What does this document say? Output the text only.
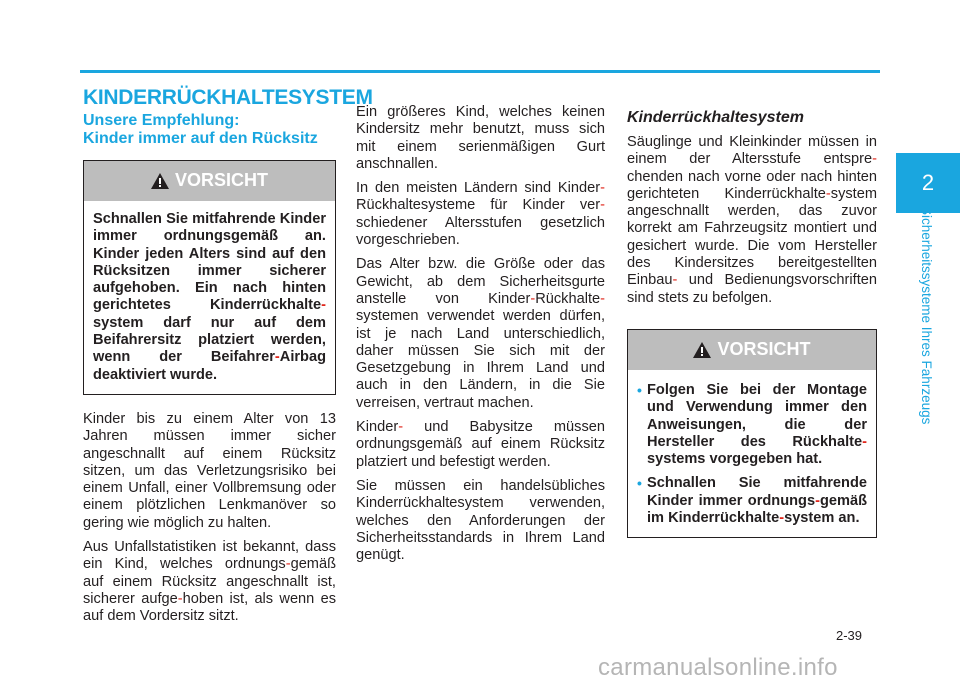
KINDERRÜCKHALTESYSTEM
Unsere Empfehlung:
Kinder immer auf den Rücksitz
VORSICHT
Schnallen Sie mitfahrende Kinder immer ordnungsgemäß an. Kinder jeden Alters sind auf den Rücksitzen immer sicherer aufgehoben. Ein nach hinten gerichtetes Kinderrückhalte-system darf nur auf dem Beifahrersitz platziert werden, wenn der Beifahrer-Airbag deaktiviert wurde.

Kinder bis zu einem Alter von 13 Jahren müssen immer sicher angeschnallt auf einem Rücksitz sitzen, um das Verletzungsrisiko bei einem Unfall, einer Vollbremsung oder einem plötzlichen Lenkmanöver so gering wie möglich zu halten.

Aus Unfallstatistiken ist bekannt, dass ein Kind, welches ordnungs-gemäß auf einem Rücksitz angeschnallt ist, sicherer aufge-hoben ist, als wenn es auf dem Vordersitz sitzt.

Ein größeres Kind, welches keinen Kindersitz mehr benutzt, muss sich mit einem serienmäßigen Gurt anschnallen.

In den meisten Ländern sind Kinder-Rückhaltesysteme für Kinder ver-schiedener Altersstufen gesetzlich vorgeschrieben.

Das Alter bzw. die Größe oder das Gewicht, ab dem Sicherheitsgurte anstelle von Kinder-Rückhalte-systemen verwendet werden dürfen, ist je nach Land unterschiedlich, daher müssen Sie sich mit der Gesetzgebung in Ihrem Land und auch in den Ländern, in die Sie verreisen, vertraut machen.

Kinder- und Babysitze müssen ordnungsgemäß auf einem Rücksitz platziert und befestigt werden.

Sie müssen ein handelsübliches Kinderrückhaltesystem verwenden, welches den Anforderungen der Sicherheitsstandards in Ihrem Land genügt.

Kinderrückhaltesystem

Säuglinge und Kleinkinder müssen in einem der Altersstufe entspre-chenden nach vorne oder nach hinten gerichteten Kinderrückhalte-system angeschnallt werden, das zuvor korrekt am Fahrzeugsitz montiert und gesichert wurde. Die vom Hersteller des Kindersitzes bereitgestellten Einbau- und Bedienungsvorschriften sind stets zu befolgen.

VORSICHT
• Folgen Sie bei der Montage und Verwendung immer den Anweisungen, die der Hersteller des Rückhalte-systems vorgegeben hat.
• Schnallen Sie mitfahrende Kinder immer ordnungs-gemäß im Kinderrückhalte-system an.
2
Sicherheitssysteme Ihres Fahrzeugs
2-39
carmanualsonline.info
